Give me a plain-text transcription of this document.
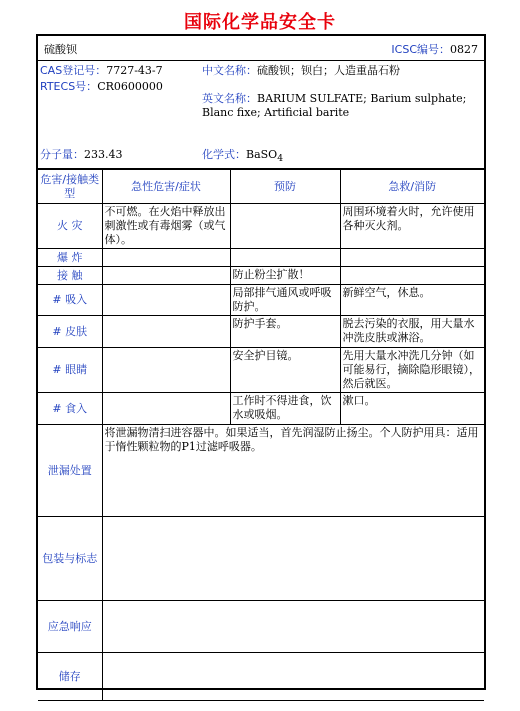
国际化学品安全卡
硫酸钡	ICSC编号：0827
CAS登记号：7727-43-7
RTECS号：CR0600000
中文名称：硫酸钡；钡白；人造重晶石粉
英文名称：BARIUM SULFATE; Barium sulphate;
Blanc fixe; Artificial barite
分子量：233.43	化学式：BaSO$_4$
危害/接触类型	急性危害/症状	预防	急救/消防
火 灾	不可燃。在火焰中释放出刺激性或有毒烟雾（或气体）。		周围环境着火时，允许使用各种灭火剂。
爆 炸			
接 触		防止粉尘扩散！	
# 吸入		局部排气通风或呼吸防护。	新鲜空气，休息。
# 皮肤		防护手套。	脱去污染的衣服，用大量水冲洗皮肤或淋浴。
# 眼睛		安全护目镜。	先用大量水冲洗几分钟（如可能易行，摘除隐形眼镜），然后就医。
# 食入		工作时不得进食，饮水或吸烟。	漱口。
泄漏处置	将泄漏物清扫进容器中。如果适当，首先润湿防止扬尘。个人防护用具：适用于惰性颗粒物的P1过滤呼吸器。		
包装与标志			
应急响应			
储存			
